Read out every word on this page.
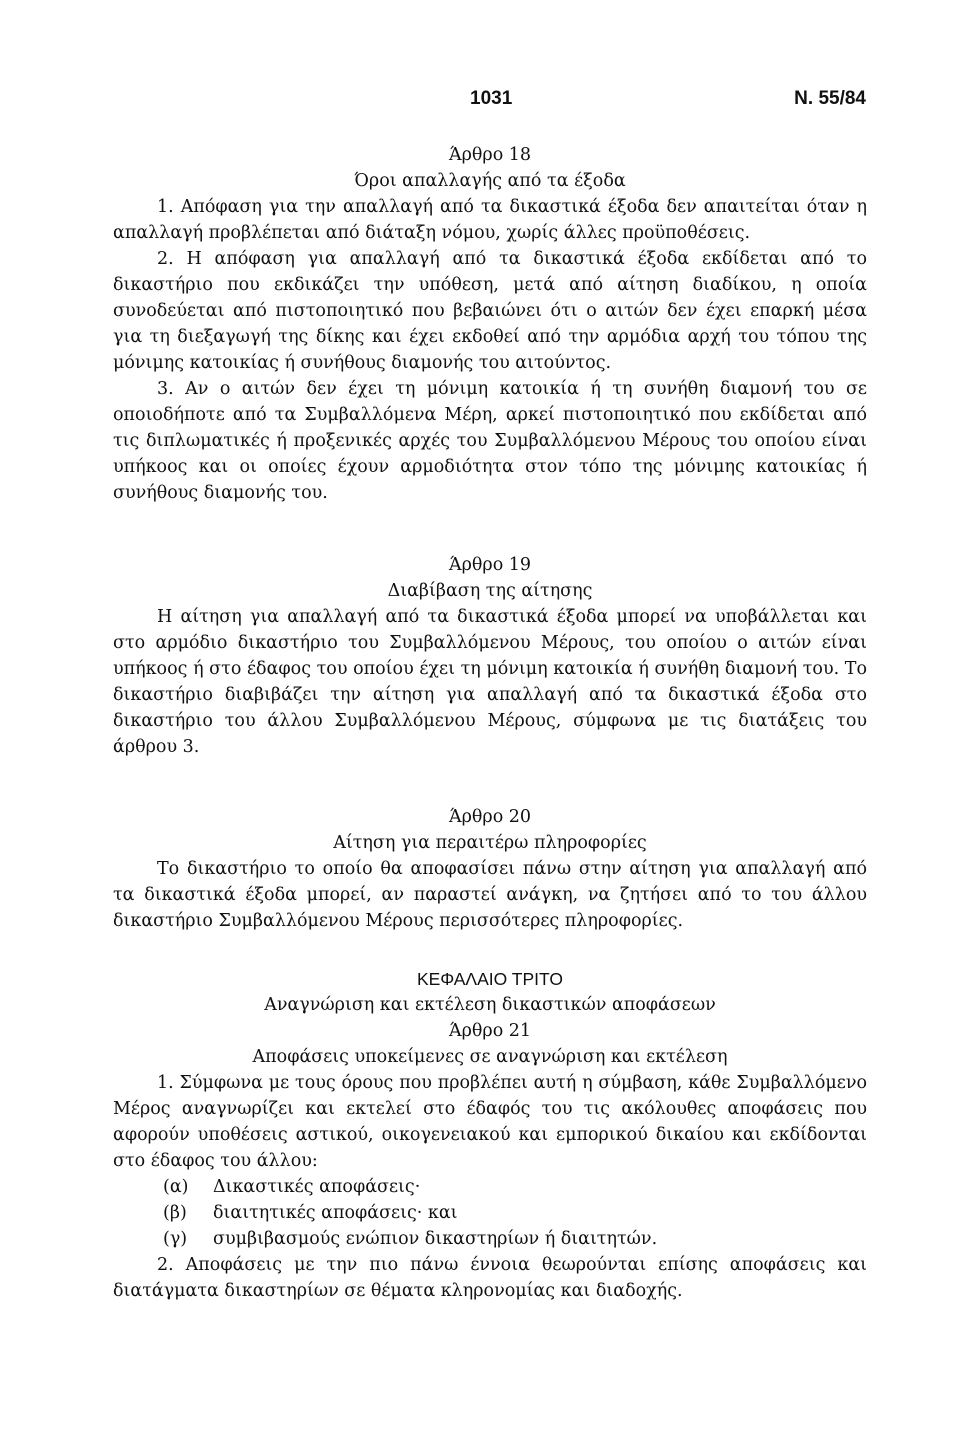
1031	Ν. 55/84

Άρθρο 18

Όροι απαλλαγής από τα έξοδα

1. Απόφαση για την απαλλαγή από τα δικαστικά έξοδα δεν απαιτείται όταν η απαλλαγή προβλέπεται από διάταξη νόμου, χωρίς άλλες προϋποθέσεις.

2. Η απόφαση για απαλλαγή από τα δικαστικά έξοδα εκδίδεται από το δικαστήριο που εκδικάζει την υπόθεση, μετά από αίτηση διαδίκου, η οποία συνοδεύεται από πιστοποιητικό που βεβαιώνει ότι ο αιτών δεν έχει επαρκή μέσα για τη διεξαγωγή της δίκης και έχει εκδοθεί από την αρμόδια αρχή του τόπου της μόνιμης κατοικίας ή συνήθους διαμονής του αιτούντος.

3. Αν ο αιτών δεν έχει τη μόνιμη κατοικία ή τη συνήθη διαμονή του σε οποιοδήποτε από τα Συμβαλλόμενα Μέρη, αρκεί πιστοποιητικό που εκδίδεται από τις διπλωματικές ή προξενικές αρχές του Συμβαλλόμενου Μέρους του οποίου είναι υπήκοος και οι οποίες έχουν αρμοδιότητα στον τόπο της μόνιμης κατοικίας ή συνήθους διαμονής του.

Άρθρο 19

Διαβίβαση της αίτησης

Η αίτηση για απαλλαγή από τα δικαστικά έξοδα μπορεί να υποβάλλεται και στο αρμόδιο δικαστήριο του Συμβαλλόμενου Μέρους, του οποίου ο αιτών είναι υπήκοος ή στο έδαφος του οποίου έχει τη μόνιμη κατοικία ή συνήθη διαμονή του. Το δικαστήριο διαβιβάζει την αίτηση για απαλλαγή από τα δικαστικά έξοδα στο δικαστήριο του άλλου Συμβαλλόμενου Μέρους, σύμφωνα με τις διατάξεις του άρθρου 3.

Άρθρο 20

Αίτηση για περαιτέρω πληροφορίες

Το δικαστήριο το οποίο θα αποφασίσει πάνω στην αίτηση για απαλλαγή από τα δικαστικά έξοδα μπορεί, αν παραστεί ανάγκη, να ζητήσει από το του άλλου δικαστήριο Συμβαλλόμενου Μέρους περισσότερες πληροφορίες.

ΚΕΦΑΛΑΙΟ ΤΡΙΤΟ

Αναγνώριση και εκτέλεση δικαστικών αποφάσεων

Άρθρο 21

Αποφάσεις υποκείμενες σε αναγνώριση και εκτέλεση

1. Σύμφωνα με τους όρους που προβλέπει αυτή η σύμβαση, κάθε Συμβαλλόμενο Μέρος αναγνωρίζει και εκτελεί στο έδαφός του τις ακόλουθες αποφάσεις που αφορούν υποθέσεις αστικού, οικογενειακού και εμπορικού δικαίου και εκδίδονται στο έδαφος του άλλου:

(α)	Δικαστικές αποφάσεις·
(β)	διαιτητικές αποφάσεις· και
(γ)	συμβιβασμούς ενώπιον δικαστηρίων ή διαιτητών.

2. Αποφάσεις με την πιο πάνω έννοια θεωρούνται επίσης αποφάσεις και διατάγματα δικαστηρίων σε θέματα κληρονομίας και διαδοχής.
